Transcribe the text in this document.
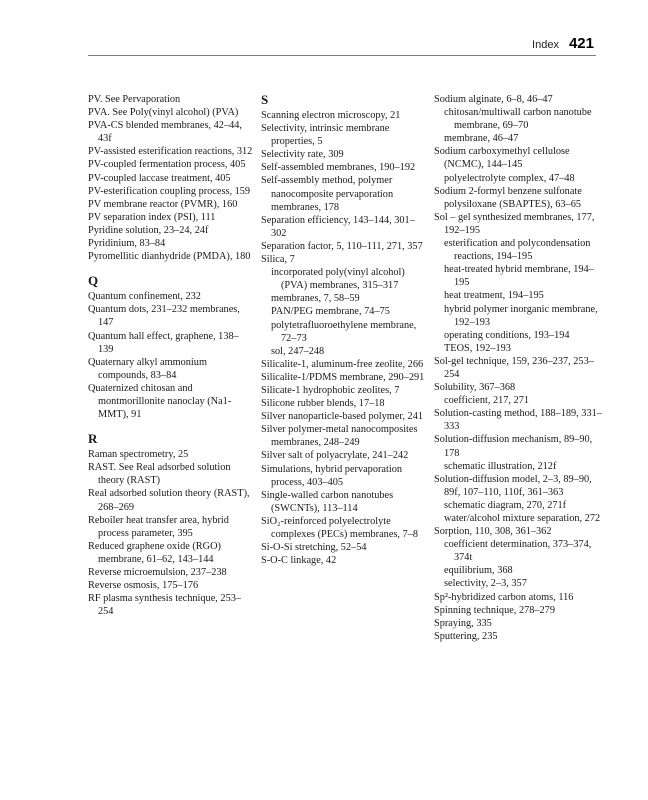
Index 421
PV. See Pervaporation
PVA. See Poly(vinyl alcohol) (PVA)
PVA-CS blended membranes, 42–44, 43f
PV-assisted esterification reactions, 312
PV-coupled fermentation process, 405
PV-coupled laccase treatment, 405
PV-esterification coupling process, 159
PV membrane reactor (PVMR), 160
PV separation index (PSI), 111
Pyridine solution, 23–24, 24f
Pyridinium, 83–84
Pyromellitic dianhydride (PMDA), 180
Q
Quantum confinement, 232
Quantum dots, 231–232 membranes, 147
Quantum hall effect, graphene, 138–139
Quaternary alkyl ammonium compounds, 83–84
Quaternized chitosan and montmorillonite nanoclay (Na1-MMT), 91
R
Raman spectrometry, 25
RAST. See Real adsorbed solution theory (RAST)
Real adsorbed solution theory (RAST), 268–269
Reboiler heat transfer area, hybrid process parameter, 395
Reduced graphene oxide (RGO) membrane, 61–62, 143–144
Reverse microemulsion, 237–238
Reverse osmosis, 175–176
RF plasma synthesis technique, 253–254
S
Scanning electron microscopy, 21
Selectivity, intrinsic membrane properties, 5
Selectivity rate, 309
Self-assembled membranes, 190–192
Self-assembly method, polymer nanocomposite pervaporation membranes, 178
Separation efficiency, 143–144, 301–302
Separation factor, 5, 110–111, 271, 357
Silica, 7
incorporated poly(vinyl alcohol) (PVA) membranes, 315–317
membranes, 7, 58–59
PAN/PEG membrane, 74–75
polytetrafluoroethylene membrane, 72–73
sol, 247–248
Silicalite-1, aluminum-free zeolite, 266
Silicalite-1/PDMS membrane, 290–291
Silicate-1 hydrophobic zeolites, 7
Silicone rubber blends, 17–18
Silver nanoparticle-based polymer, 241
Silver polymer-metal nanocomposites membranes, 248–249
Silver salt of polyacrylate, 241–242
Simulations, hybrid pervaporation process, 403–405
Single-walled carbon nanotubes (SWCNTs), 113–114
SiO₂-reinforced polyelectrolyte complexes (PECs) membranes, 7–8
Si-O-Si stretching, 52–54
S-O-C linkage, 42
Sodium alginate, 6–8, 46–47
chitosan/multiwall carbon nanotube membrane, 69–70
membrane, 46–47
Sodium carboxymethyl cellulose (NCMC), 144–145
polyelectrolyte complex, 47–48
Sodium 2-formyl benzene sulfonate polysiloxane (SBAPTES), 63–65
Sol – gel synthesized membranes, 177, 192–195
esterification and polycondensation reactions, 194–195
heat-treated hybrid membrane, 194–195
heat treatment, 194–195
hybrid polymer inorganic membrane, 192–193
operating conditions, 193–194
TEOS, 192–193
Sol-gel technique, 159, 236–237, 253–254
Solubility, 367–368
coefficient, 217, 271
Solution-casting method, 188–189, 331–333
Solution-diffusion mechanism, 89–90, 178
schematic illustration, 212f
Solution-diffusion model, 2–3, 89–90, 89f, 107–110, 110f, 361–363
schematic diagram, 270, 271f
water/alcohol mixture separation, 272
Sorption, 110, 308, 361–362
coefficient determination, 373–374, 374t
equilibrium, 368
selectivity, 2–3, 357
Sp²-hybridized carbon atoms, 116
Spinning technique, 278–279
Spraying, 335
Sputtering, 235
